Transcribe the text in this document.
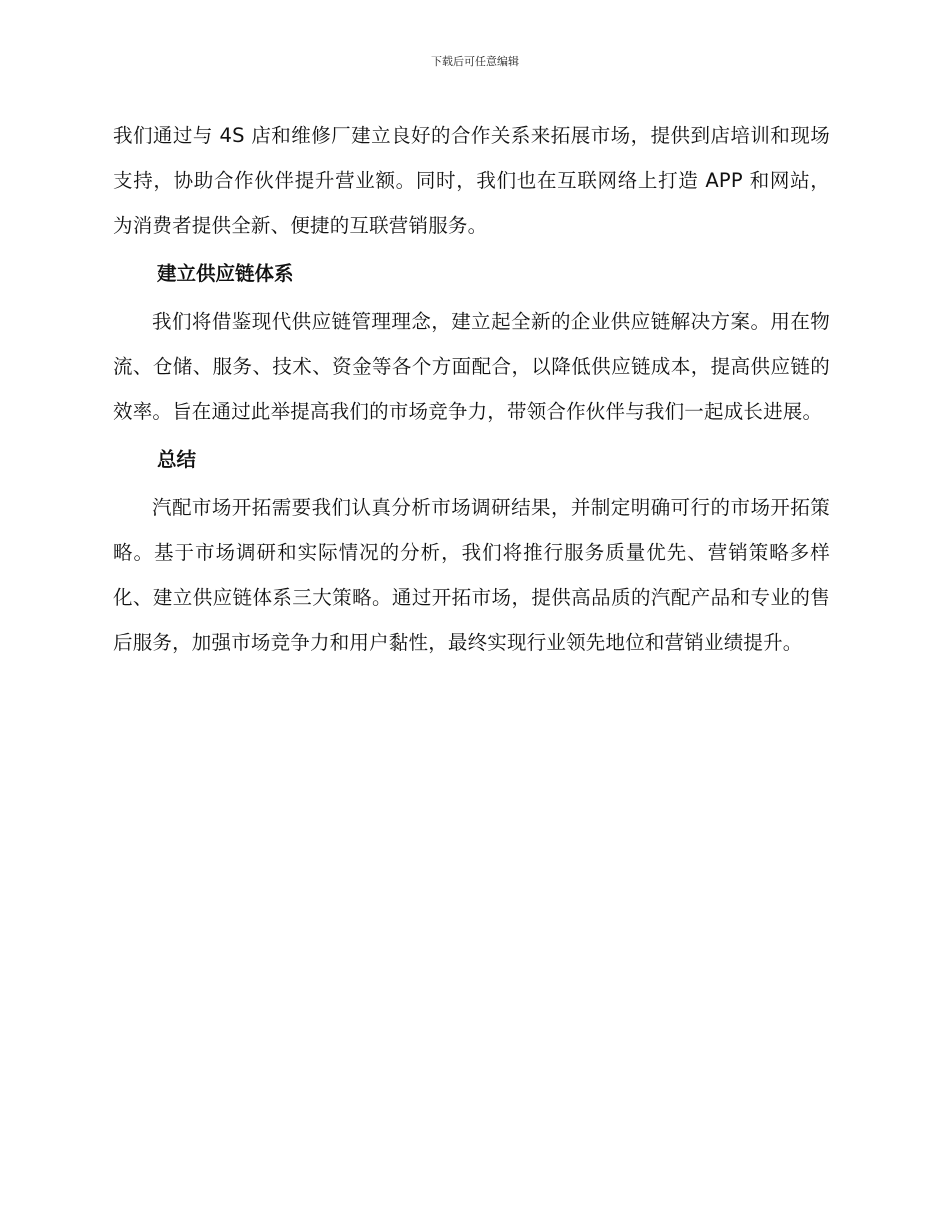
下载后可任意编辑

我们通过与 4S 店和维修厂建立良好的合作关系来拓展市场，提供到店培训和现场支持，协助合作伙伴提升营业额。同时，我们也在互联网络上打造 APP 和网站，为消费者提供全新、便捷的互联营销服务。

建立供应链体系

我们将借鉴现代供应链管理理念，建立起全新的企业供应链解决方案。用在物流、仓储、服务、技术、资金等各个方面配合，以降低供应链成本，提高供应链的效率。旨在通过此举提高我们的市场竞争力，带领合作伙伴与我们一起成长进展。

总结

汽配市场开拓需要我们认真分析市场调研结果，并制定明确可行的市场开拓策略。基于市场调研和实际情况的分析，我们将推行服务质量优先、营销策略多样化、建立供应链体系三大策略。通过开拓市场，提供高品质的汽配产品和专业的售后服务，加强市场竞争力和用户黏性，最终实现行业领先地位和营销业绩提升。
